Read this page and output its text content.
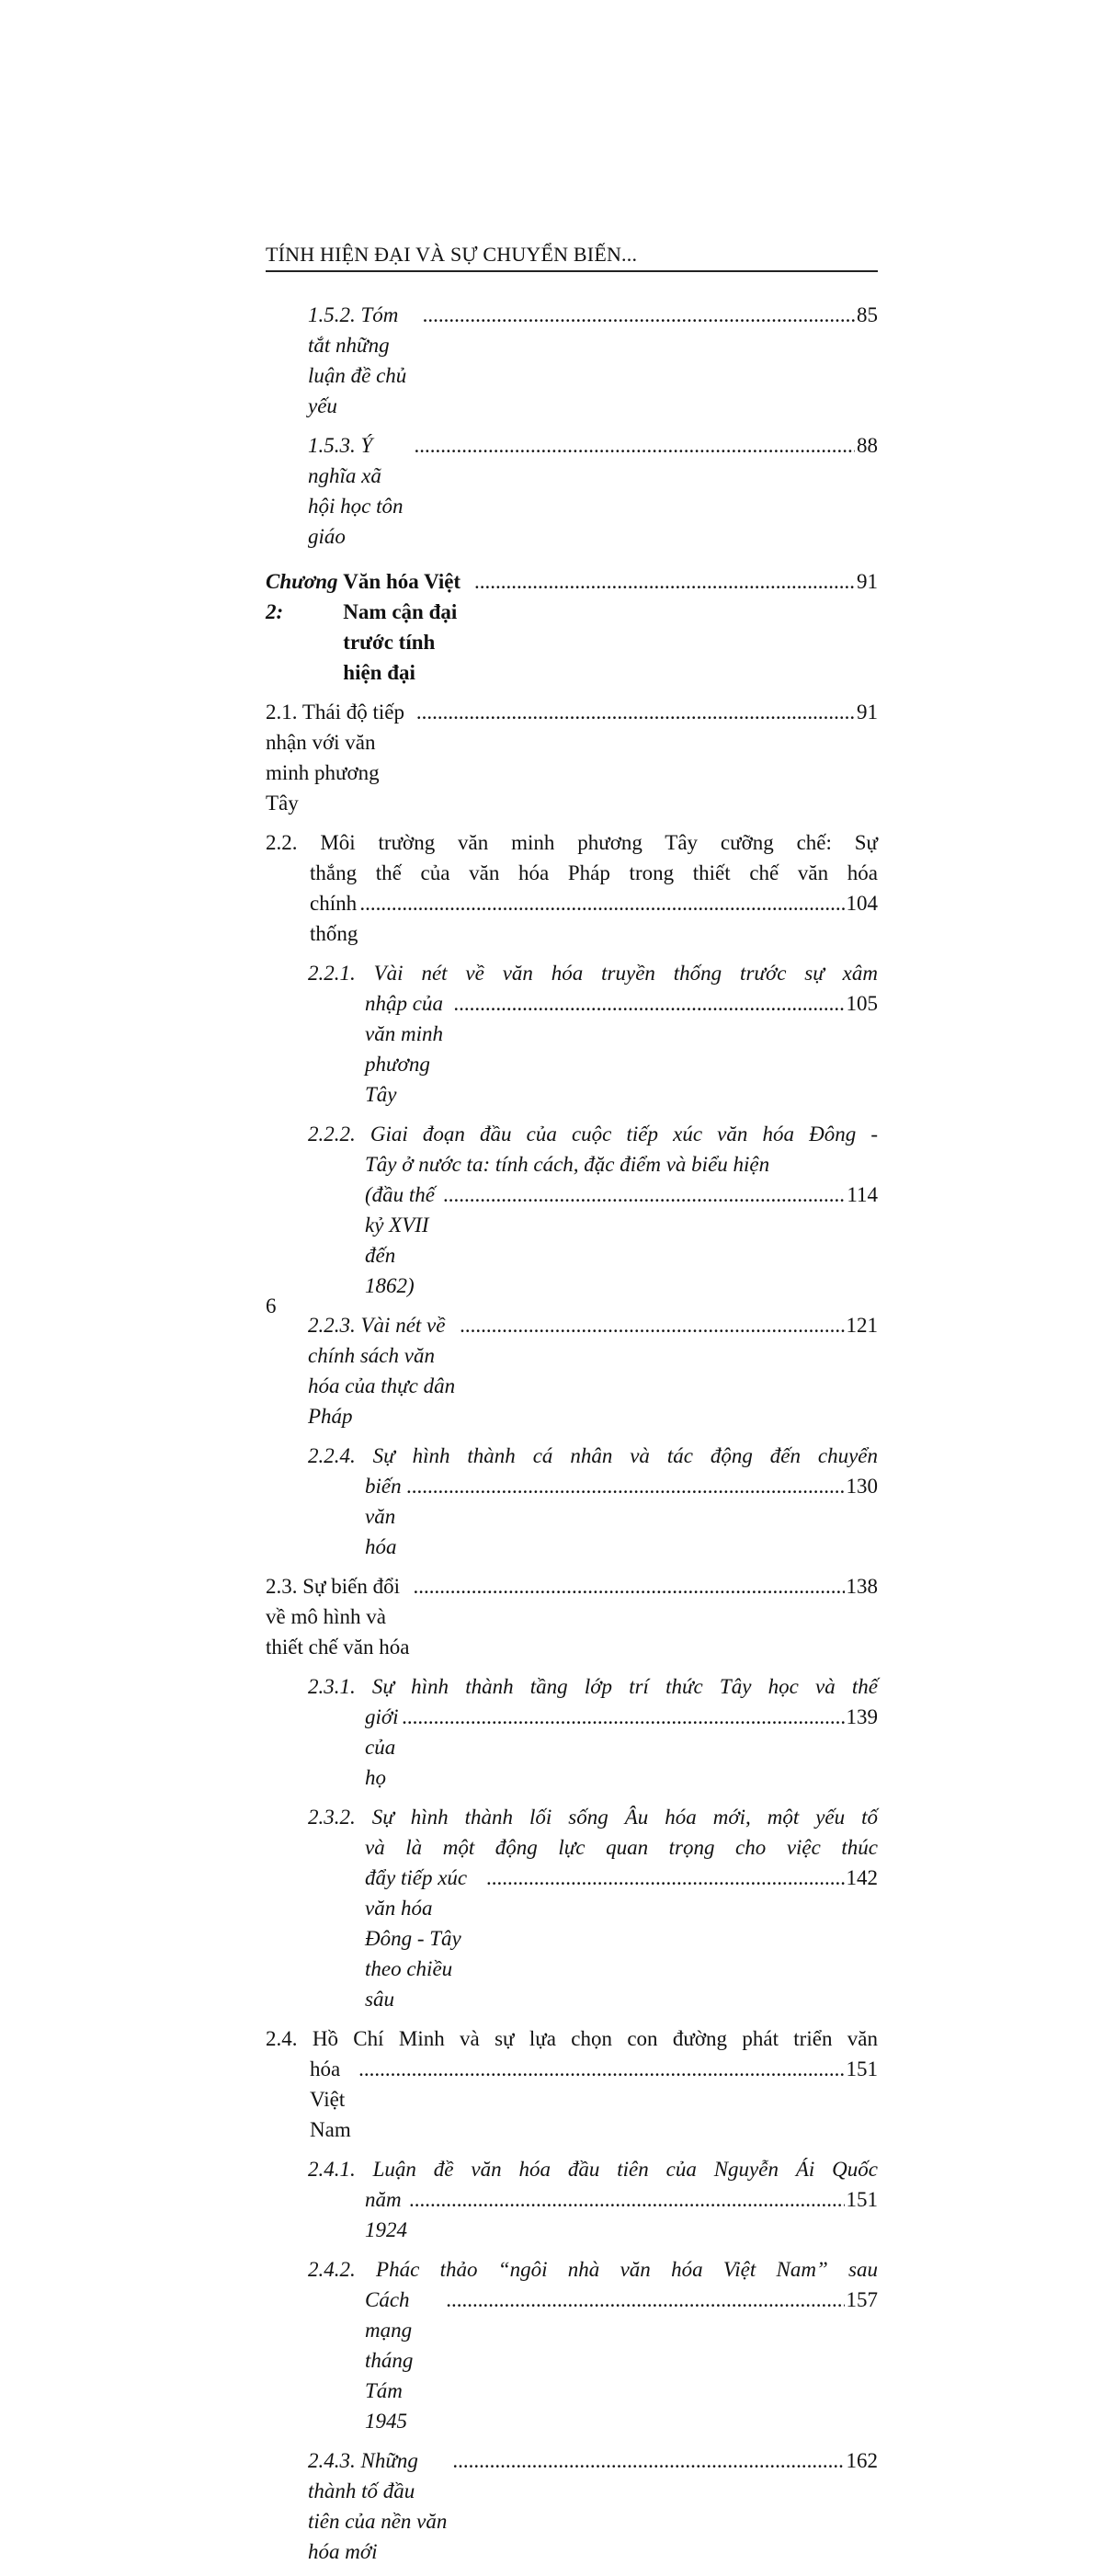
TÍNH HIỆN ĐẠI VÀ SỰ CHUYỂN BIẾN...
1.5.2. Tóm tắt những luận đề chủ yếu
.....
85
1.5.3. Ý nghĩa xã hội học tôn giáo
.....
88
Chương 2:

Văn hóa Việt Nam cận đại trước tính hiện đại
.....
91
2.1. Thái độ tiếp nhận với văn minh phương Tây
.....
91
2.2. Môi trường văn minh phương Tây cưỡng chế: Sự
thắng thế của văn hóa Pháp trong thiết chế văn hóa
chính thống
.....
104
2.2.1. Vài nét về văn hóa truyền thống trước sự xâm
nhập của văn minh phương Tây
.....
105
2.2.2. Giai đoạn đầu của cuộc tiếp xúc văn hóa Đông -
Tây ở nước ta: tính cách, đặc điểm và biểu hiện
(đầu thế kỷ XVII đến 1862)
.....
114
2.2.3. Vài nét về chính sách văn hóa của thực dân Pháp
.....
121
2.2.4. Sự hình thành cá nhân và tác động đến chuyển
biến văn hóa
.....
130
2.3. Sự biến đổi về mô hình và thiết chế văn hóa
.....
138
2.3.1. Sự hình thành tầng lớp trí thức Tây học và thế
giới của họ
.....
139
2.3.2. Sự hình thành lối sống Âu hóa mới, một yếu tố
và là một động lực quan trọng cho việc thúc
đẩy tiếp xúc văn hóa Đông - Tây theo chiều sâu
.....
142
2.4. Hồ Chí Minh và sự lựa chọn con đường phát triển văn
hóa Việt Nam
.....
151
2.4.1. Luận đề văn hóa đầu tiên của Nguyễn Ái Quốc
năm 1924
.....
151
2.4.2. Phác thảo “ngôi nhà văn hóa Việt Nam” sau
Cách mạng tháng Tám 1945
.....
157
2.4.3. Những thành tố đầu tiên của nền văn hóa mới
.....
162
6
